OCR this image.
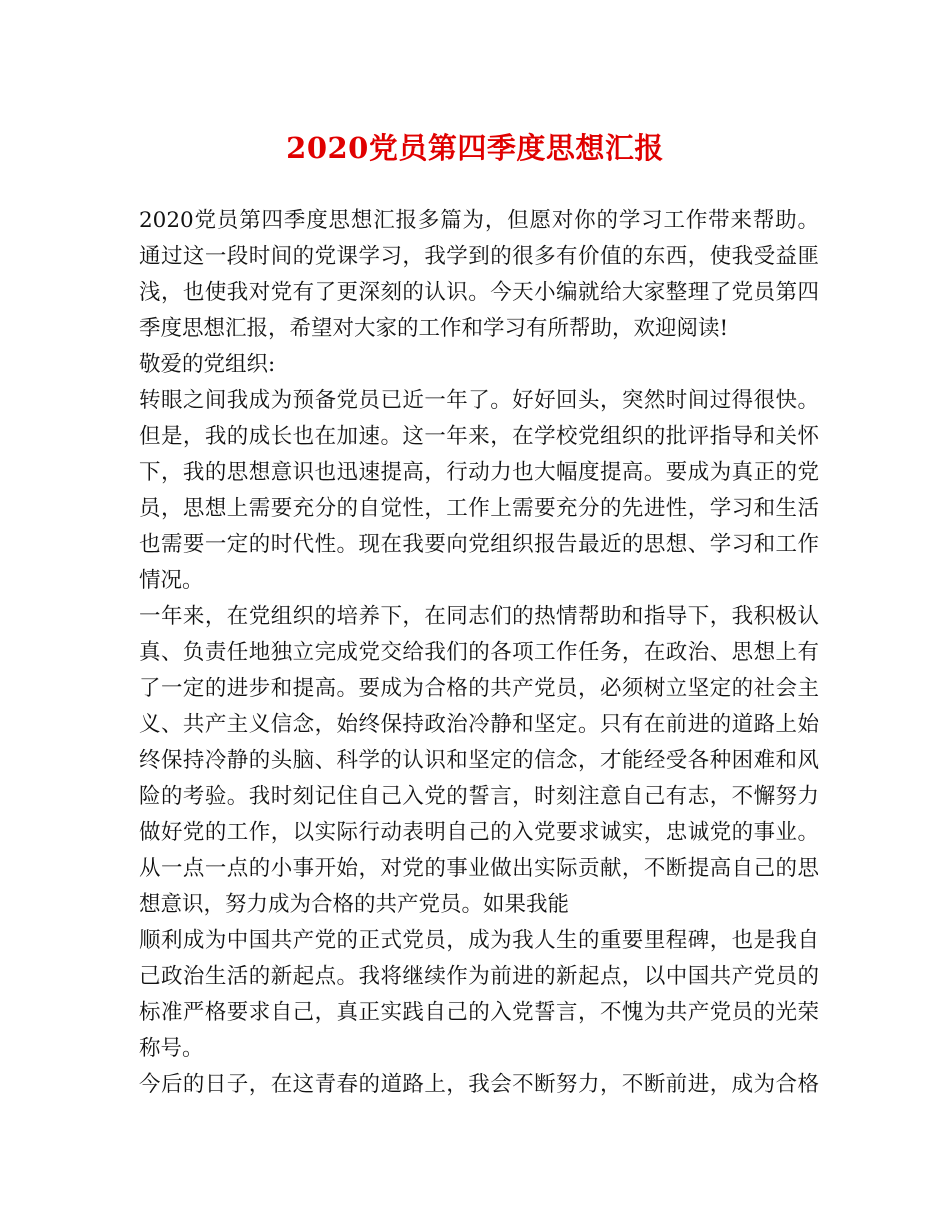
2020党员第四季度思想汇报
2020党员第四季度思想汇报多篇为，但愿对你的学习工作带来帮助。
通过这一段时间的党课学习，我学到的很多有价值的东西，使我受益匪
浅，也使我对党有了更深刻的认识。今天小编就给大家整理了党员第四
季度思想汇报，希望对大家的工作和学习有所帮助，欢迎阅读!
敬爱的党组织:
转眼之间我成为预备党员已近一年了。好好回头，突然时间过得很快。
但是，我的成长也在加速。这一年来，在学校党组织的批评指导和关怀
下，我的思想意识也迅速提高，行动力也大幅度提高。要成为真正的党
员，思想上需要充分的自觉性，工作上需要充分的先进性，学习和生活
也需要一定的时代性。现在我要向党组织报告最近的思想、学习和工作
情况。
一年来，在党组织的培养下，在同志们的热情帮助和指导下，我积极认
真、负责任地独立完成党交给我们的各项工作任务，在政治、思想上有
了一定的进步和提高。要成为合格的共产党员，必须树立坚定的社会主
义、共产主义信念，始终保持政治冷静和坚定。只有在前进的道路上始
终保持冷静的头脑、科学的认识和坚定的信念，才能经受各种困难和风
险的考验。我时刻记住自己入党的誓言，时刻注意自己有志，不懈努力
做好党的工作，以实际行动表明自己的入党要求诚实，忠诚党的事业。
从一点一点的小事开始，对党的事业做出实际贡献，不断提高自己的思
想意识，努力成为合格的共产党员。如果我能
顺利成为中国共产党的正式党员，成为我人生的重要里程碑，也是我自
己政治生活的新起点。我将继续作为前进的新起点，以中国共产党员的
标准严格要求自己，真正实践自己的入党誓言，不愧为共产党员的光荣
称号。
今后的日子，在这青春的道路上，我会不断努力，不断前进，成为合格
